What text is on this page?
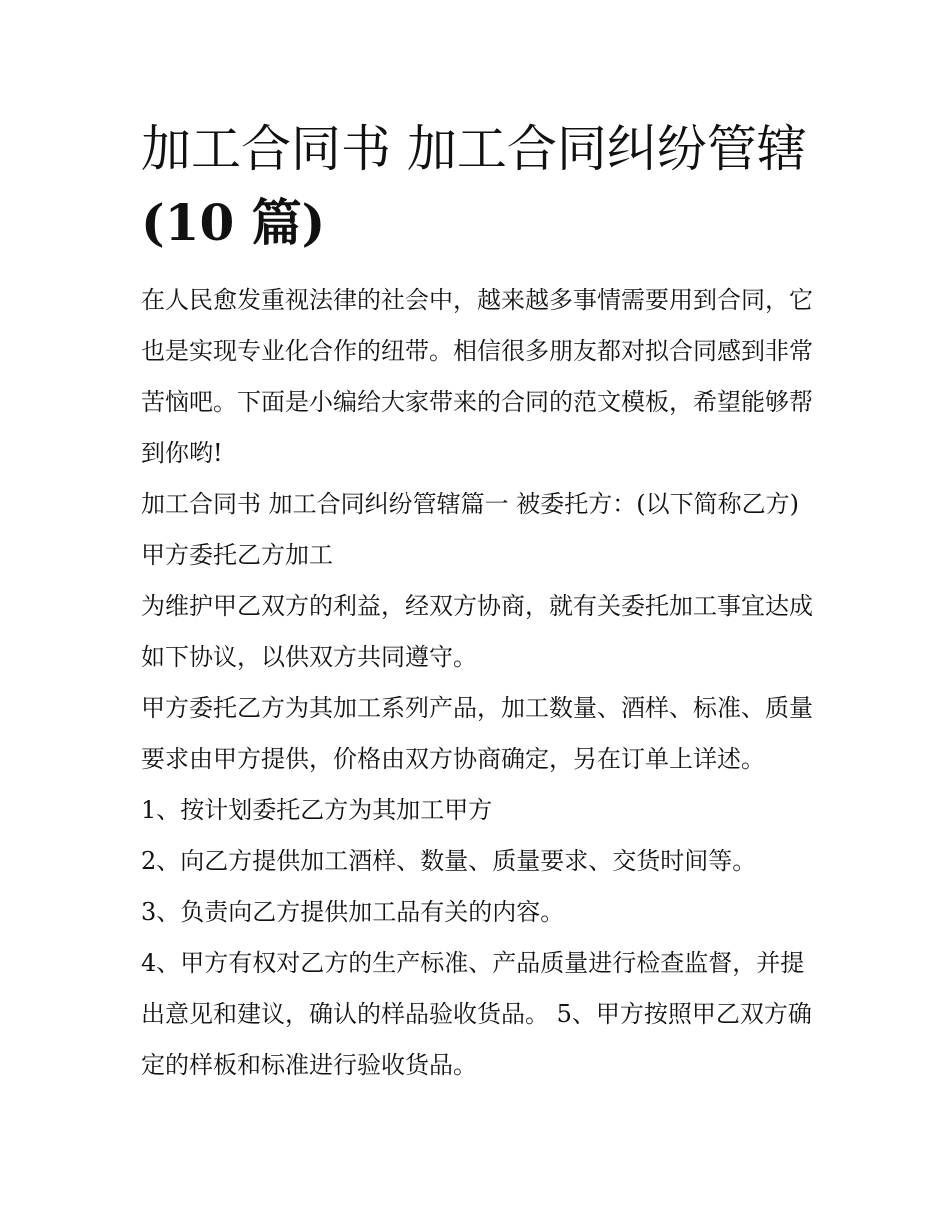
加工合同书 加工合同纠纷管辖
(10 篇)

在人民愈发重视法律的社会中，越来越多事情需要用到合同，它也是实现专业化合作的纽带。相信很多朋友都对拟合同感到非常苦恼吧。下面是小编给大家带来的合同的范文模板，希望能够帮到你哟!

加工合同书 加工合同纠纷管辖篇一 被委托方：(以下简称乙方) 甲方委托乙方加工

为维护甲乙双方的利益，经双方协商，就有关委托加工事宜达成如下协议，以供双方共同遵守。

甲方委托乙方为其加工系列产品，加工数量、酒样、标准、质量要求由甲方提供，价格由双方协商确定，另在订单上详述。

1、按计划委托乙方为其加工甲方

2、向乙方提供加工酒样、数量、质量要求、交货时间等。

3、负责向乙方提供加工品有关的内容。

4、甲方有权对乙方的生产标准、产品质量进行检查监督，并提出意见和建议，确认的样品验收货品。 5、甲方按照甲乙双方确定的样板和标准进行验收货品。
